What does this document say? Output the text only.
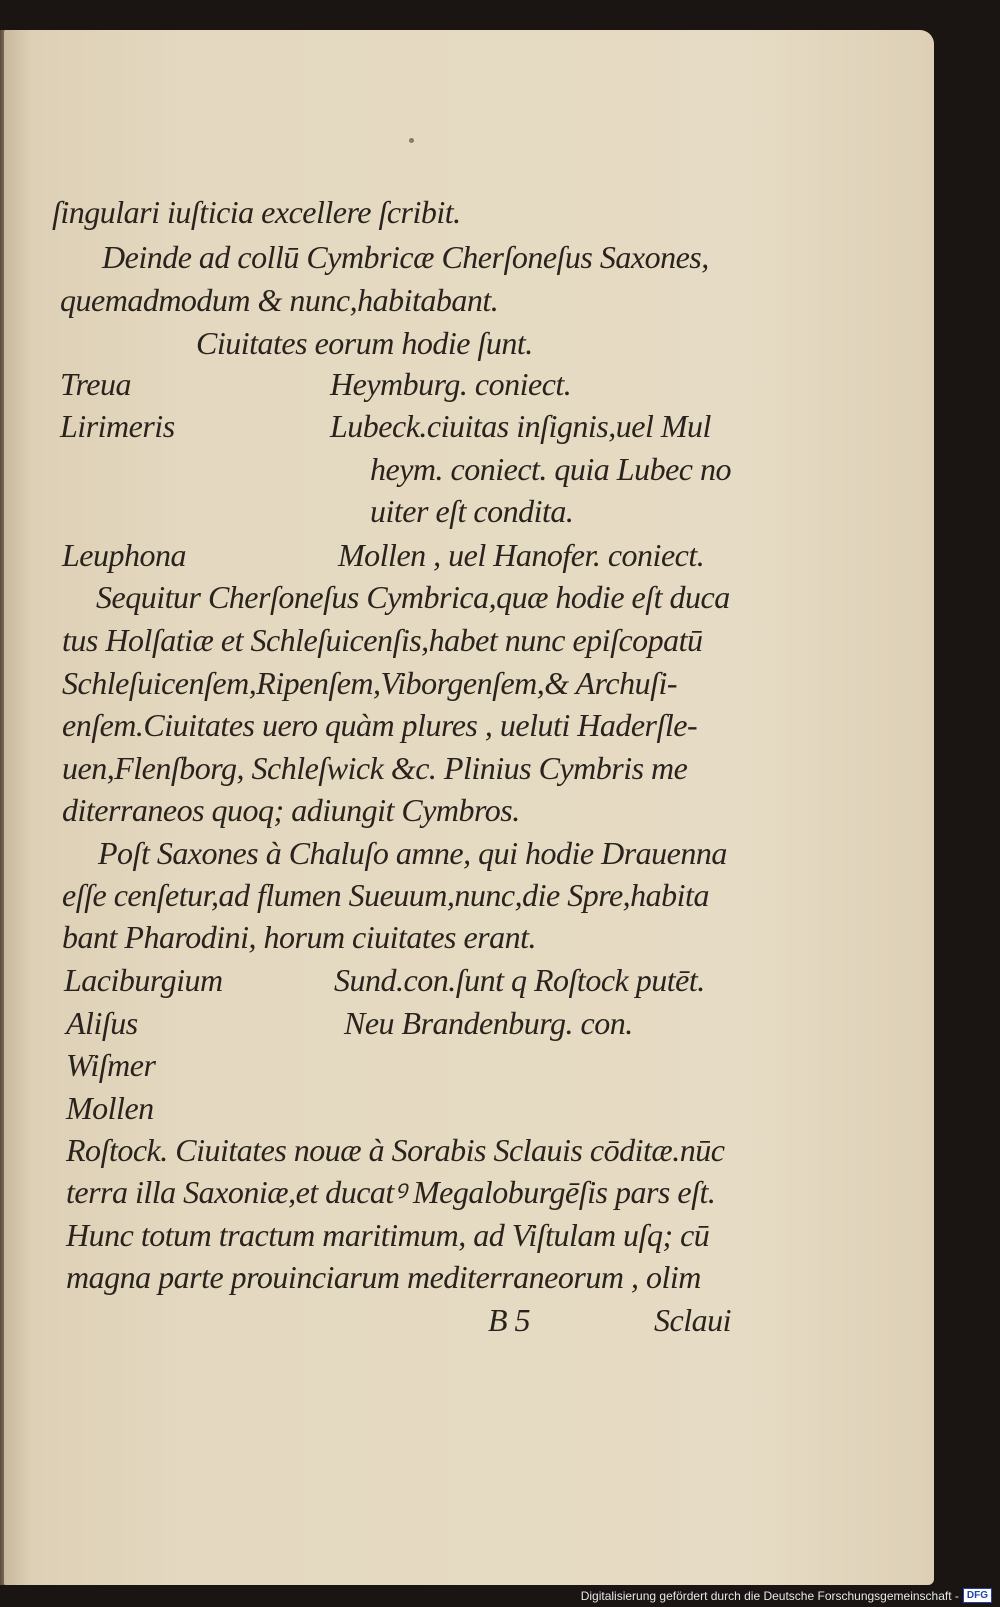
ſingulari iuſticia excellere ſcribit.
Deinde ad collū Cymbricæ Cherſoneſus Saxones,
quemadmodum & nunc,habitabant.
Ciuitates eorum hodie ſunt.
Treua	Heymburg. coniect.
Lirimeris	Lubeck.ciuitas inſignis,uel Mul
heym. coniect. quia Lubec no
uiter eſt condita.
Leuphona	Mollen , uel Hanofer. coniect.
Sequitur Cherſoneſus Cymbrica,quæ hodie eſt duca
tus Holſatiæ et Schleſuicenſis,habet nunc epiſcopatū
Schleſuicenſem,Ripenſem,Viborgenſem,& Archuſi-
enſem.Ciuitates uero quàm plures , ueluti Haderſle-
uen,Flenſborg, Schleſwick &c. Plinius Cymbris me
diterraneos quoq; adiungit Cymbros.
Poſt Saxones à Chaluſo amne, qui hodie Drauenna
eſſe cenſetur,ad flumen Sueuum,nunc,die Spre,habita
bant Pharodini, horum ciuitates erant.
Laciburgium	Sund.con.ſunt q Roſtock putēt.
Aliſus	Neu Brandenburg. con.
Wiſmer
Mollen
Roſtock. Ciuitates nouæ à Sorabis Sclauis cōditæ.nūc
terra illa Saxoniæ,et ducatꝰ Megaloburgēſis pars eſt.
Hunc totum tractum maritimum, ad Viſtulam uſq; cū
magna parte prouinciarum mediterraneorum , olim
B 5	Sclaui
Digitalisierung gefördert durch die Deutsche Forschungsgemeinschaft - DFG
